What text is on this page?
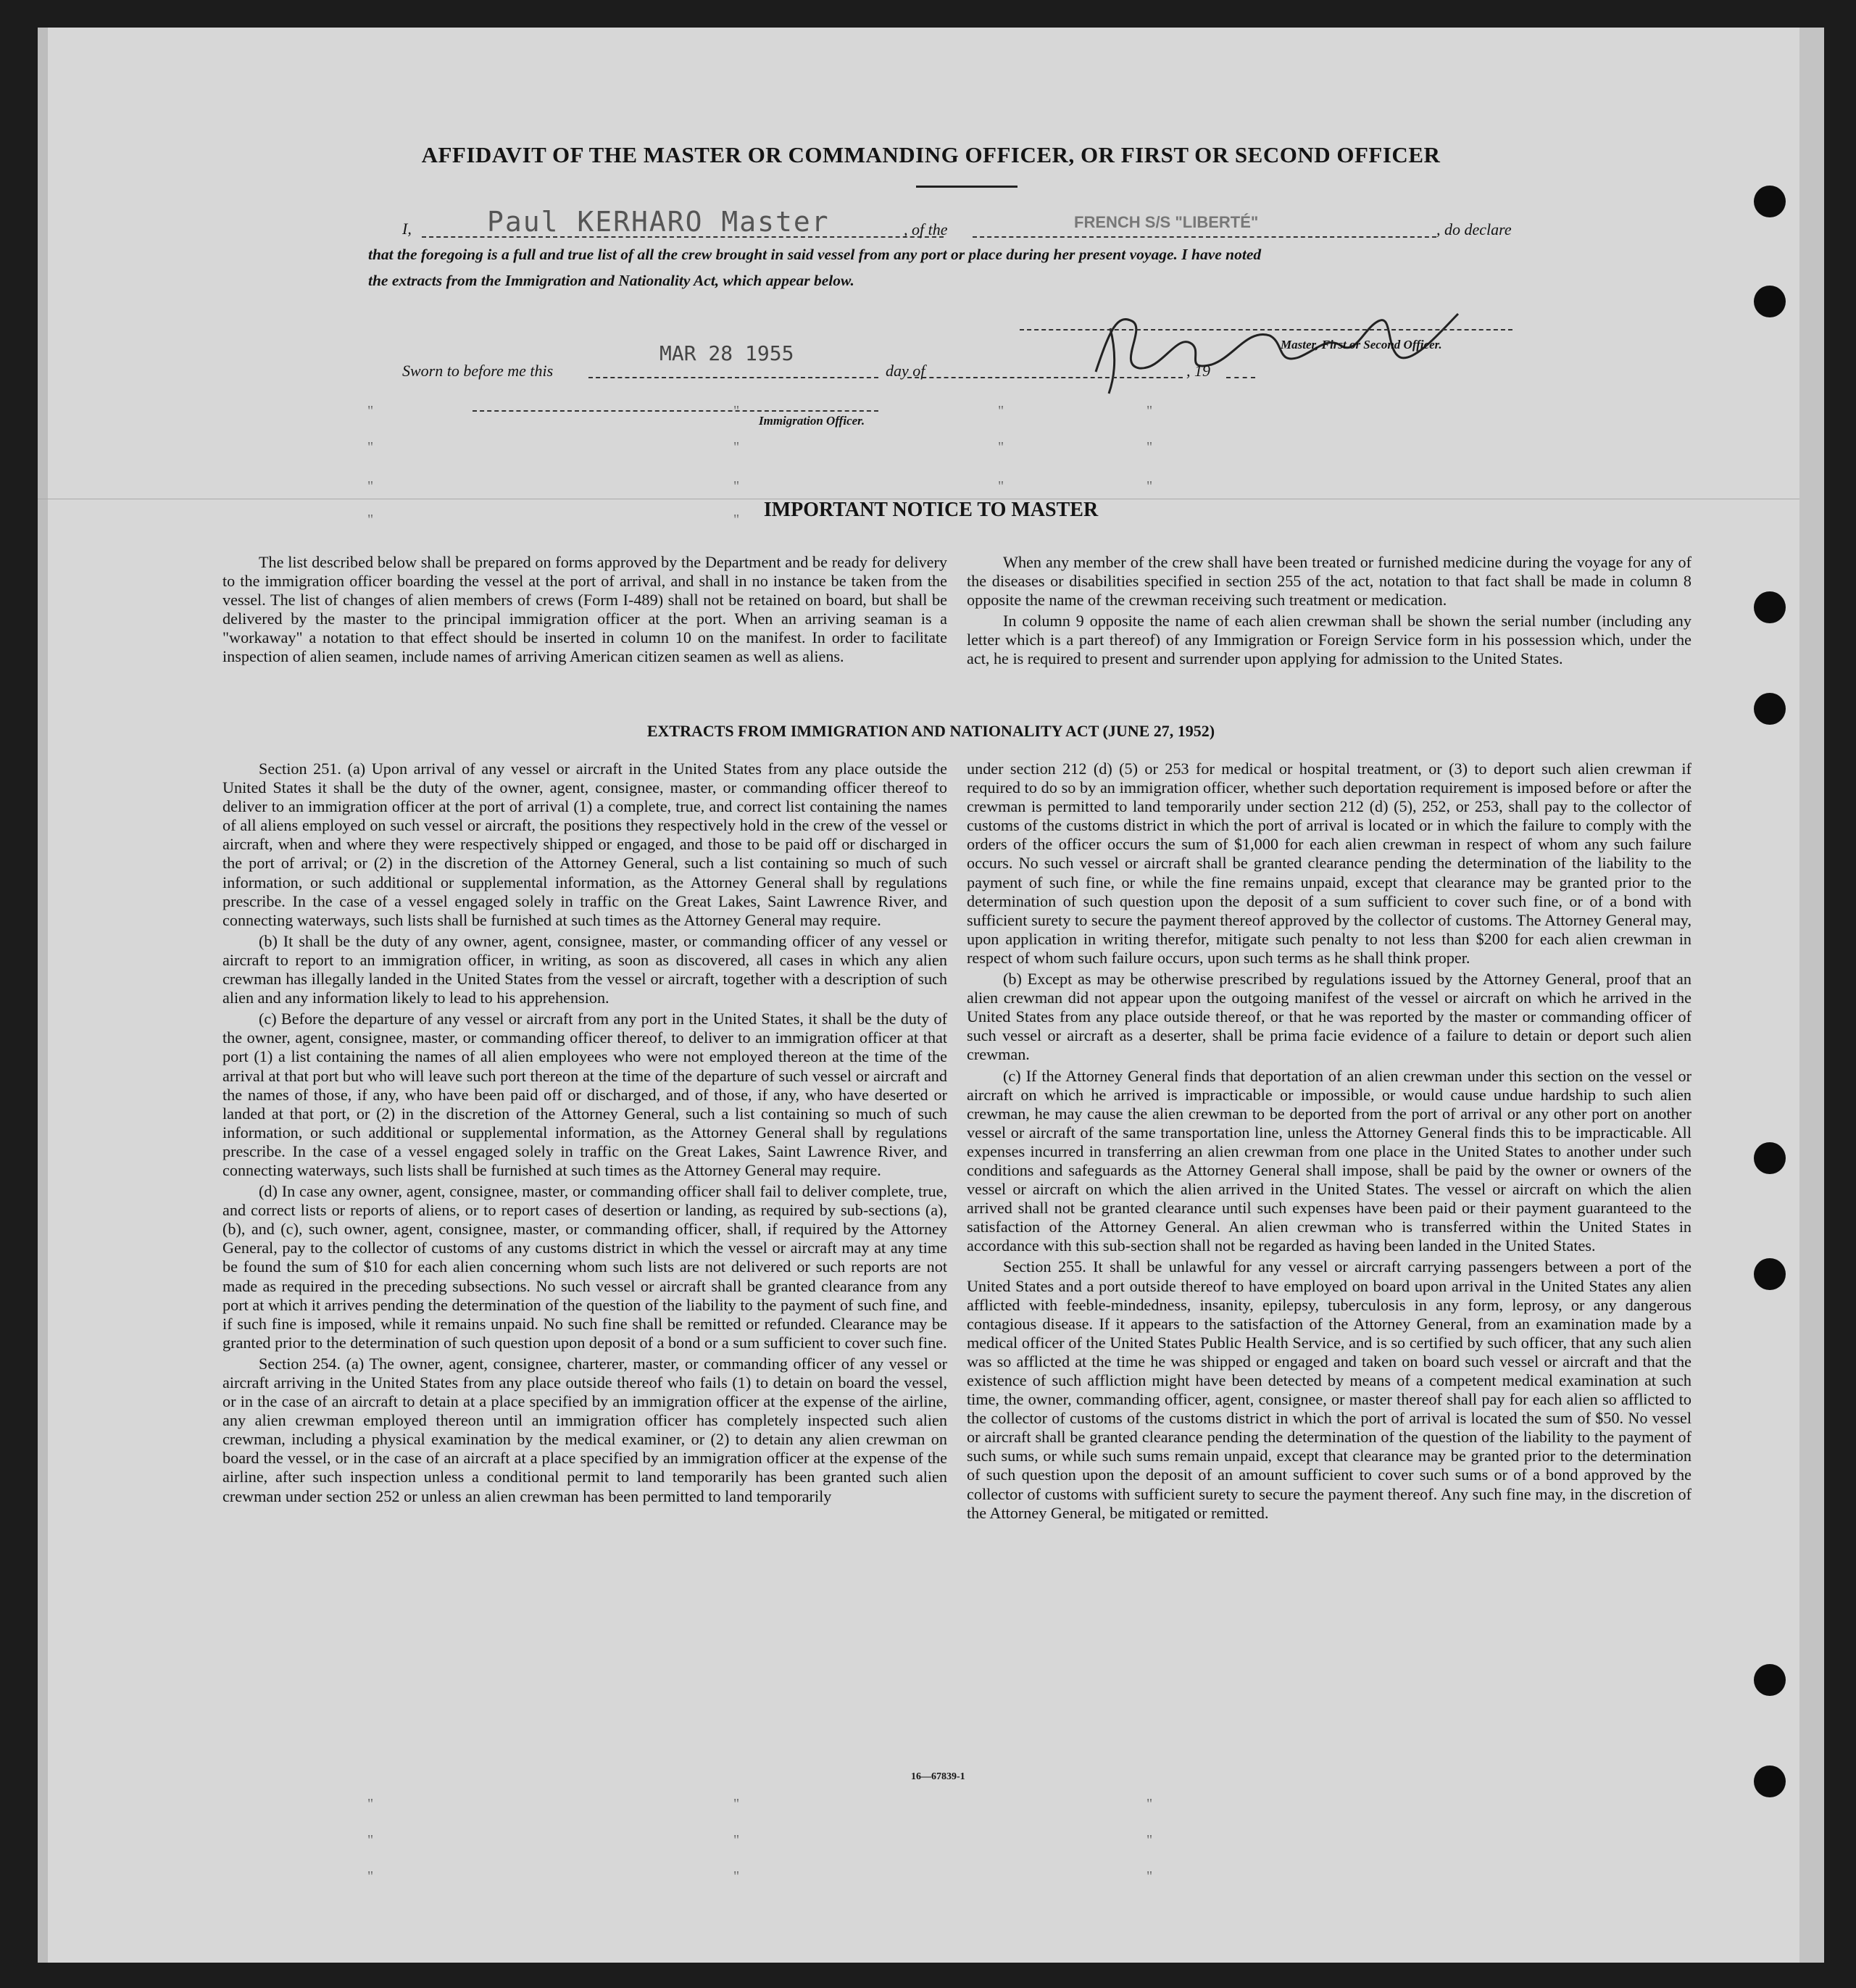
AFFIDAVIT OF THE MASTER OR COMMANDING OFFICER, OR FIRST OR SECOND OFFICER
I,	Paul KERHARO Master	, of the	FRENCH S/S "LIBERTÉ"	, do declare
that the foregoing is a full and true list of all the crew brought in said vessel from any port or place during her present voyage. I have noted
the extracts from the Immigration and Nationality Act, which appear below.
Master, First or Second Officer.
Sworn to before me this
MAR 28 1955
day of	, 19
Immigration Officer.
"	"	"	"
"	"	"	"
"	"	"	"
"	"
"	"	"
"	"	"
"	"	"
IMPORTANT NOTICE TO MASTER

The list described below shall be prepared on forms approved by the Department and be ready for delivery to the immigration officer boarding the vessel at the port of arrival, and shall in no instance be taken from the vessel. The list of changes of alien members of crews (Form I-489) shall not be retained on board, but shall be delivered by the master to the principal immigration officer at the port. When an arriving seaman is a "workaway" a notation to that effect should be inserted in column 10 on the manifest. In order to facilitate inspection of alien seamen, include names of arriving American citizen seamen as well as aliens.

When any member of the crew shall have been treated or furnished medicine during the voyage for any of the diseases or disabilities specified in section 255 of the act, notation to that fact shall be made in column 8 opposite the name of the crewman receiving such treatment or medication.

In column 9 opposite the name of each alien crewman shall be shown the serial number (including any letter which is a part thereof) of any Immigration or Foreign Service form in his possession which, under the act, he is required to present and surrender upon applying for admission to the United States.

EXTRACTS FROM IMMIGRATION AND NATIONALITY ACT (JUNE 27, 1952)

Section 251. (a) Upon arrival of any vessel or aircraft in the United States from any place outside the United States it shall be the duty of the owner, agent, consignee, master, or commanding officer thereof to deliver to an immigration officer at the port of arrival (1) a complete, true, and correct list containing the names of all aliens employed on such vessel or aircraft, the positions they respectively hold in the crew of the vessel or aircraft, when and where they were respectively shipped or engaged, and those to be paid off or discharged in the port of arrival; or (2) in the discretion of the Attorney General, such a list containing so much of such information, or such additional or supplemental information, as the Attorney General shall by regulations prescribe. In the case of a vessel engaged solely in traffic on the Great Lakes, Saint Lawrence River, and connecting waterways, such lists shall be furnished at such times as the Attorney General may require.

(b) It shall be the duty of any owner, agent, consignee, master, or commanding officer of any vessel or aircraft to report to an immigration officer, in writing, as soon as discovered, all cases in which any alien crewman has illegally landed in the United States from the vessel or aircraft, together with a description of such alien and any information likely to lead to his apprehension.

(c) Before the departure of any vessel or aircraft from any port in the United States, it shall be the duty of the owner, agent, consignee, master, or commanding officer thereof, to deliver to an immigration officer at that port (1) a list containing the names of all alien employees who were not employed thereon at the time of the arrival at that port but who will leave such port thereon at the time of the departure of such vessel or aircraft and the names of those, if any, who have been paid off or discharged, and of those, if any, who have deserted or landed at that port, or (2) in the discretion of the Attorney General, such a list containing so much of such information, or such additional or supplemental information, as the Attorney General shall by regulations prescribe. In the case of a vessel engaged solely in traffic on the Great Lakes, Saint Lawrence River, and connecting waterways, such lists shall be furnished at such times as the Attorney General may require.

(d) In case any owner, agent, consignee, master, or commanding officer shall fail to deliver complete, true, and correct lists or reports of aliens, or to report cases of desertion or landing, as required by sub-sections (a), (b), and (c), such owner, agent, consignee, master, or commanding officer, shall, if required by the Attorney General, pay to the collector of customs of any customs district in which the vessel or aircraft may at any time be found the sum of $10 for each alien concerning whom such lists are not delivered or such reports are not made as required in the preceding subsections. No such vessel or aircraft shall be granted clearance from any port at which it arrives pending the determination of the question of the liability to the payment of such fine, and if such fine is imposed, while it remains unpaid. No such fine shall be remitted or refunded. Clearance may be granted prior to the determination of such question upon deposit of a bond or a sum sufficient to cover such fine.

Section 254. (a) The owner, agent, consignee, charterer, master, or commanding officer of any vessel or aircraft arriving in the United States from any place outside thereof who fails (1) to detain on board the vessel, or in the case of an aircraft to detain at a place specified by an immigration officer at the expense of the airline, any alien crewman employed thereon until an immigration officer has completely inspected such alien crewman, including a physical examination by the medical examiner, or (2) to detain any alien crewman on board the vessel, or in the case of an aircraft at a place specified by an immigration officer at the expense of the airline, after such inspection unless a conditional permit to land temporarily has been granted such alien crewman under section 252 or unless an alien crewman has been permitted to land temporarily

under section 212 (d) (5) or 253 for medical or hospital treatment, or (3) to deport such alien crewman if required to do so by an immigration officer, whether such deportation requirement is imposed before or after the crewman is permitted to land temporarily under section 212 (d) (5), 252, or 253, shall pay to the collector of customs of the customs district in which the port of arrival is located or in which the failure to comply with the orders of the officer occurs the sum of $1,000 for each alien crewman in respect of whom any such failure occurs. No such vessel or aircraft shall be granted clearance pending the determination of the liability to the payment of such fine, or while the fine remains unpaid, except that clearance may be granted prior to the determination of such question upon the deposit of a sum sufficient to cover such fine, or of a bond with sufficient surety to secure the payment thereof approved by the collector of customs. The Attorney General may, upon application in writing therefor, mitigate such penalty to not less than $200 for each alien crewman in respect of whom such failure occurs, upon such terms as he shall think proper.

(b) Except as may be otherwise prescribed by regulations issued by the Attorney General, proof that an alien crewman did not appear upon the outgoing manifest of the vessel or aircraft on which he arrived in the United States from any place outside thereof, or that he was reported by the master or commanding officer of such vessel or aircraft as a deserter, shall be prima facie evidence of a failure to detain or deport such alien crewman.

(c) If the Attorney General finds that deportation of an alien crewman under this section on the vessel or aircraft on which he arrived is impracticable or impossible, or would cause undue hardship to such alien crewman, he may cause the alien crewman to be deported from the port of arrival or any other port on another vessel or aircraft of the same transportation line, unless the Attorney General finds this to be impracticable. All expenses incurred in transferring an alien crewman from one place in the United States to another under such conditions and safeguards as the Attorney General shall impose, shall be paid by the owner or owners of the vessel or aircraft on which the alien arrived in the United States. The vessel or aircraft on which the alien arrived shall not be granted clearance until such expenses have been paid or their payment guaranteed to the satisfaction of the Attorney General. An alien crewman who is transferred within the United States in accordance with this sub-section shall not be regarded as having been landed in the United States.

Section 255. It shall be unlawful for any vessel or aircraft carrying passengers between a port of the United States and a port outside thereof to have employed on board upon arrival in the United States any alien afflicted with feeble-mindedness, insanity, epilepsy, tuberculosis in any form, leprosy, or any dangerous contagious disease. If it appears to the satisfaction of the Attorney General, from an examination made by a medical officer of the United States Public Health Service, and is so certified by such officer, that any such alien was so afflicted at the time he was shipped or engaged and taken on board such vessel or aircraft and that the existence of such affliction might have been detected by means of a competent medical examination at such time, the owner, commanding officer, agent, consignee, or master thereof shall pay for each alien so afflicted to the collector of customs of the customs district in which the port of arrival is located the sum of $50. No vessel or aircraft shall be granted clearance pending the determination of the question of the liability to the payment of such sums, or while such sums remain unpaid, except that clearance may be granted prior to the determination of such question upon the deposit of an amount sufficient to cover such sums or of a bond approved by the collector of customs with sufficient surety to secure the payment thereof. Any such fine may, in the discretion of the Attorney General, be mitigated or remitted.

16—67839-1
